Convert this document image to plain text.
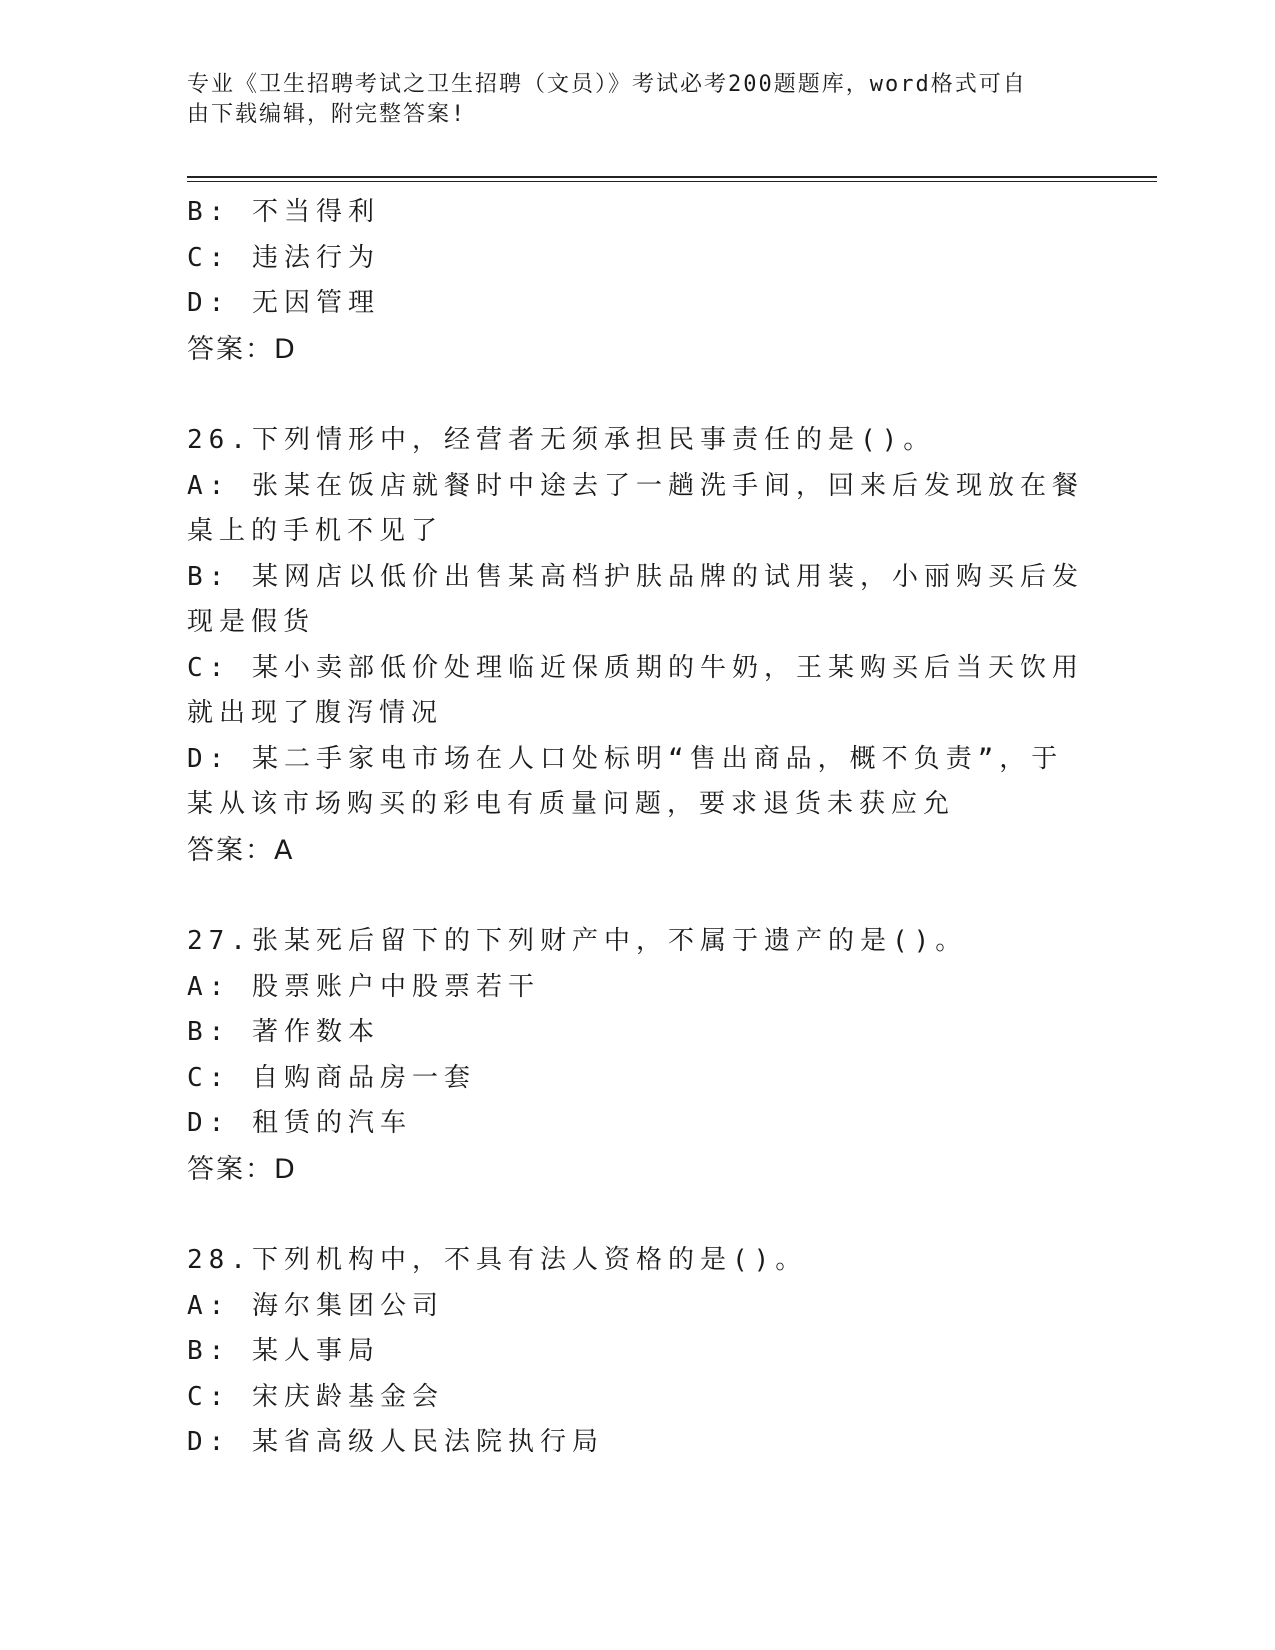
专业《卫生招聘考试之卫生招聘（文员）》考试必考200题题库，word格式可自
由下载编辑，附完整答案!

B: 不当得利

C: 违法行为

D: 无因管理

答案：D

26.下列情形中，经营者无须承担民事责任的是()。

A: 张某在饭店就餐时中途去了一趟洗手间，回来后发现放在餐桌上的手机不见了

B: 某网店以低价出售某高档护肤品牌的试用装，小丽购买后发现是假货

C: 某小卖部低价处理临近保质期的牛奶，王某购买后当天饮用就出现了腹泻情况

D: 某二手家电市场在人口处标明“售出商品，概不负责”，于某从该市场购买的彩电有质量问题，要求退货未获应允

答案：A

27.张某死后留下的下列财产中，不属于遗产的是()。

A: 股票账户中股票若干

B: 著作数本

C: 自购商品房一套

D: 租赁的汽车

答案：D

28.下列机构中，不具有法人资格的是()。

A: 海尔集团公司

B: 某人事局

C: 宋庆龄基金会

D: 某省高级人民法院执行局
